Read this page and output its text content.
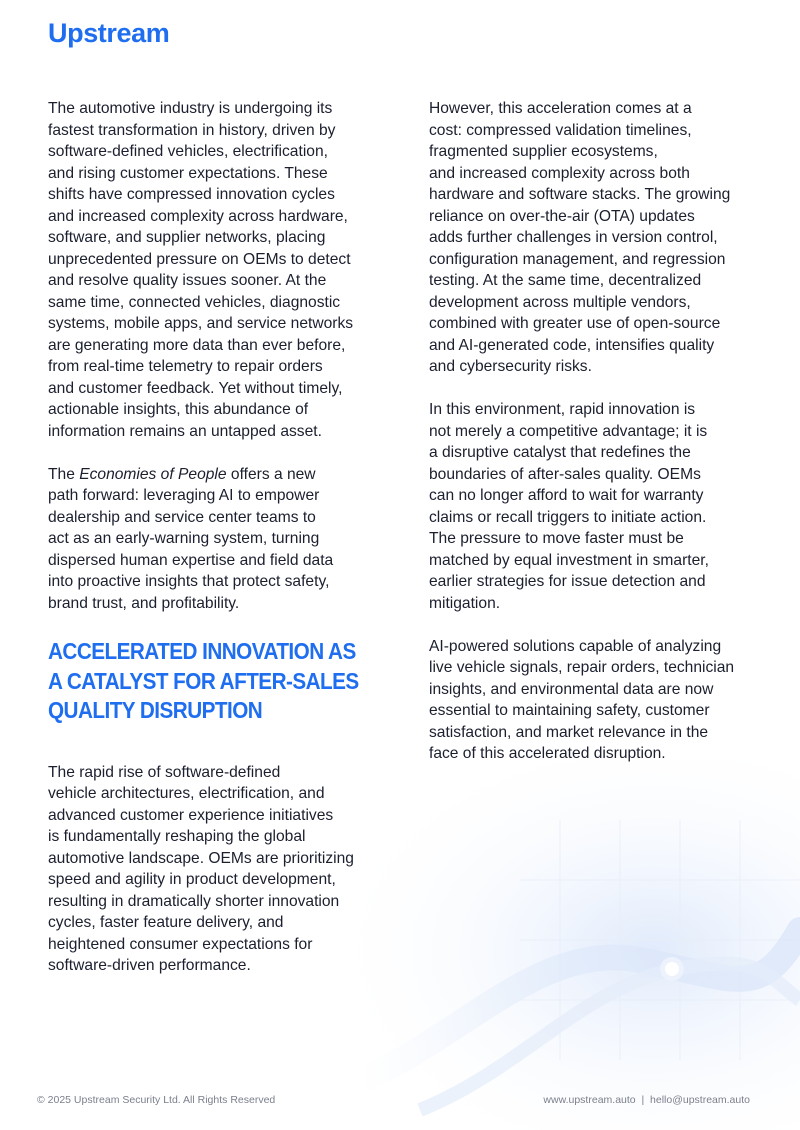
Upstream

The automotive industry is undergoing its
fastest transformation in history, driven by
software-defined vehicles, electrification,
and rising customer expectations. These
shifts have compressed innovation cycles
and increased complexity across hardware,
software, and supplier networks, placing
unprecedented pressure on OEMs to detect
and resolve quality issues sooner. At the
same time, connected vehicles, diagnostic
systems, mobile apps, and service networks
are generating more data than ever before,
from real-time telemetry to repair orders
and customer feedback. Yet without timely,
actionable insights, this abundance of
information remains an untapped asset.

The Economies of People offers a new
path forward: leveraging AI to empower
dealership and service center teams to
act as an early-warning system, turning
dispersed human expertise and field data
into proactive insights that protect safety,
brand trust, and profitability.

ACCELERATED INNOVATION AS
A CATALYST FOR AFTER-SALES
QUALITY DISRUPTION

The rapid rise of software-defined
vehicle architectures, electrification, and
advanced customer experience initiatives
is fundamentally reshaping the global
automotive landscape. OEMs are prioritizing
speed and agility in product development,
resulting in dramatically shorter innovation
cycles, faster feature delivery, and
heightened consumer expectations for
software-driven performance.

However, this acceleration comes at a
cost: compressed validation timelines,
fragmented supplier ecosystems,
and increased complexity across both
hardware and software stacks. The growing
reliance on over-the-air (OTA) updates
adds further challenges in version control,
configuration management, and regression
testing. At the same time, decentralized
development across multiple vendors,
combined with greater use of open-source
and AI-generated code, intensifies quality
and cybersecurity risks.

In this environment, rapid innovation is
not merely a competitive advantage; it is
a disruptive catalyst that redefines the
boundaries of after-sales quality. OEMs
can no longer afford to wait for warranty
claims or recall triggers to initiate action.
The pressure to move faster must be
matched by equal investment in smarter,
earlier strategies for issue detection and
mitigation.

AI-powered solutions capable of analyzing
live vehicle signals, repair orders, technician
insights, and environmental data are now
essential to maintaining safety, customer
satisfaction, and market relevance in the
face of this accelerated disruption.

© 2025 Upstream Security Ltd. All Rights Reserved	www.upstream.auto  |  hello@upstream.auto
